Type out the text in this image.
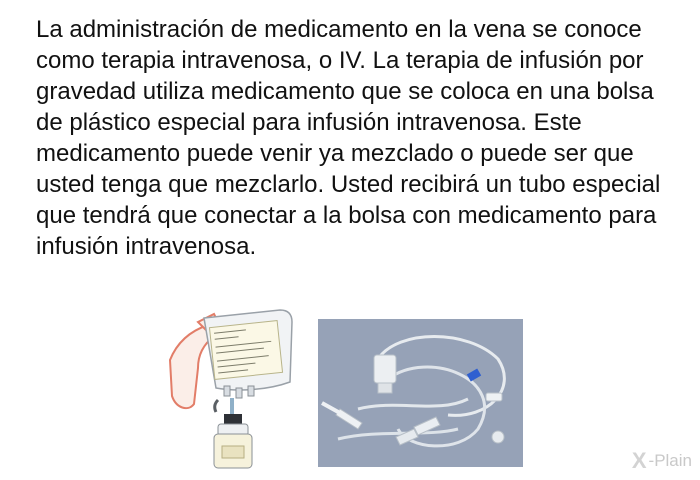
La administración de medicamento en la vena se conoce como terapia intravenosa, o IV. La terapia de infusión por gravedad utiliza medicamento que se coloca en una bolsa de plástico especial para infusión intravenosa. Este medicamento puede venir ya mezclado o puede ser que usted tenga que mezclarlo. Usted recibirá un tubo especial que tendrá que conectar a la bolsa con medicamento para infusión intravenosa.

X -Plain
